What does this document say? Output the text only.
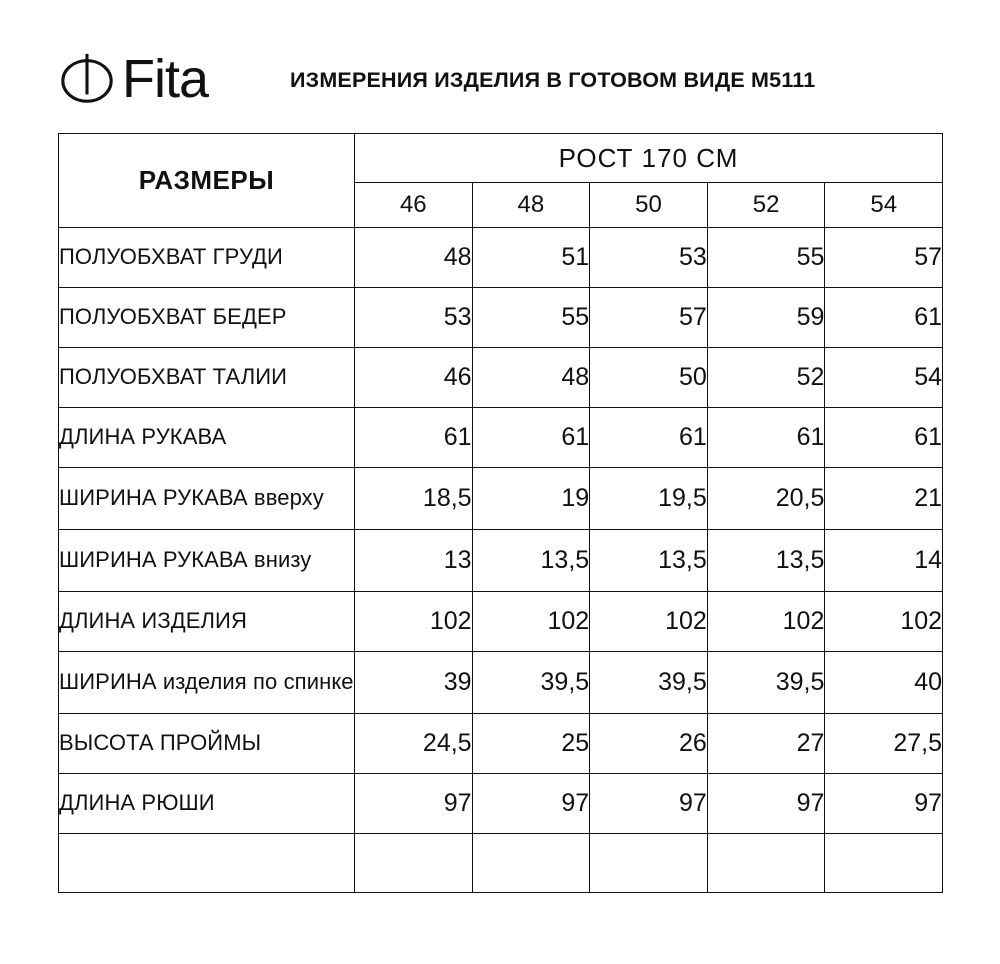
Fita	ИЗМЕРЕНИЯ ИЗДЕЛИЯ В ГОТОВОМ ВИДЕ М5111
РАЗМЕРЫ	РОСТ 170 СМ				
	46	48	50	52	54
ПОЛУОБХВАТ ГРУДИ	48	51	53	55	57
ПОЛУОБХВАТ БЕДЕР	53	55	57	59	61
ПОЛУОБХВАТ ТАЛИИ	46	48	50	52	54
ДЛИНА РУКАВА	61	61	61	61	61
ШИРИНА РУКАВА вверху	18,5	19	19,5	20,5	21
ШИРИНА РУКАВА внизу	13	13,5	13,5	13,5	14
ДЛИНА ИЗДЕЛИЯ	102	102	102	102	102
ШИРИНА изделия по спинке	39	39,5	39,5	39,5	40
ВЫСОТА ПРОЙМЫ	24,5	25	26	27	27,5
ДЛИНА РЮШИ	97	97	97	97	97
